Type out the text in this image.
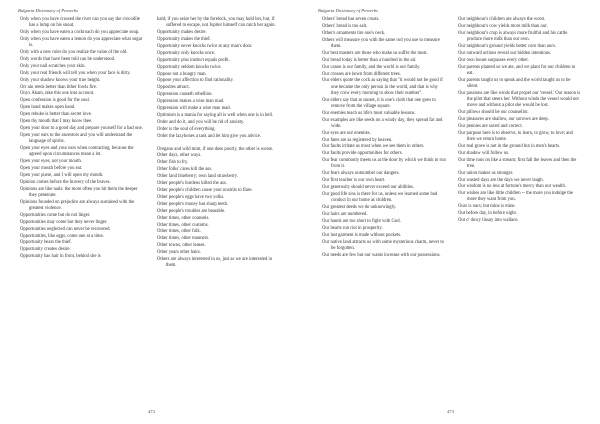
Bulgaria Dictionary of Proverbs
Only when you have crossed the river can you say the crocodile has a lump on his snout.
Only when you have eaten a cockroach do you appreciate soup.
Only when you have eaten a lemon do you appreciate what sugar is.
Only with a new ruler do you realize the value of the old.
Only words that have been told can be understood.
Only your nail scratches your skin.
Only your real friends will tell you when your face is dirty.
Only your shadow knows your true height.
Orr ain reeds better than lither fowls fire.
Onyx Akam, take this one into account.
Open confession is good for the soul.
Open hand makes open hand.
Open rebuke is better than secret love.
Open thy mouth that I may know thee.
Open your door to a good day and prepare yourself for a bad one.
Open your ears to the ancestors and you will understand the language of spirits.
Open your eyes and your ears when contracting, because the agreed upon circumstances mean a lot.
Open your eyes, not your mouth.
Open your mouth before you eat.
Open your purse, and I will open my mouth.
Opinion comes before the bravery of the braves.
Opinions are like nails: the more often you hit them the deeper they penetrate.
Opinions founded on prejudice are always sustained with the greatest violence.
Opportunities come but do not linger.
Opportunities may come but they never linger.
Opportunities neglected can never be recovered.
Opportunities, like eggs, come one at a time.
Opportunity bears the thief.
Opportunity creates desire.
Opportunity has hair in front, behind she is
bald; if you seize her by the forelock, you may hold her, but, if suffered to escape, not Jupiter himself can catch her again.
Opportunity makes desire.
Opportunity makes the thief.
Opportunity never knocks twice at any man's door.
Opportunity only knocks once.
Opportunity plus instinct equals profit.
Opportunity seldom knocks twice.
Oppose not a hungry man.
Oppose your affection to find rationality.
Opposites attract.
Oppression causeth rebellion.
Oppression makes a wise man mad.
Oppression will make a wise man mad.
Optimism is a mania for saying all is well when one is in hell.
Order and do it, and you will be rid of anxiety.
Order is the soul of everything.
Order the lazybones a task and let him give you advice.
Oregano and wild mint, if one does poorly, the other is worse.
Other days, other ways.
Other fish to fry.
Other folks' cares kill the ass.
Other land blueberry; own land strawberry.
Other people's burdens killed the ass.
Other people's children cause your nostrils to flare.
Other people's eggs have two yolks.
Other people's money has sharp teeth.
Other people's troubles are bearable.
Other times, other counsels.
Other times, other customs.
Other times, other folk.
Other times, other manners.
Other towns, other leases.
Other years other hairs.
Others are always interested in us, just as we are interested in them.
473
Bulgaria Dictionary of Proverbs
Others' bread has seven crusts.
Others' bread is too salt.
Other's ornaments tire one's neck.
Others will measure you with the same rod you use to measure them.
Our best masters are those who make us suffer the most.
Our bread today is better than a hundred in the air.
Our canoe is our family, and the world is our family.
Our crosses are hewn from different trees.
Our elders quote the cock as saying that "it would not be good if one became the only person in the world, and that is why they crow every morning to show their number".
Our elders say that at sunset, it is one's cloth that one goes to remove from the village square.
Our enemies teach us life's most valuable lessons.
Our examples are like seeds on a windy day, they spread far and wide.
Our eyes are our enemies.
Our fates are as registered by heaven.
Our faults irritate us most when we see them in others.
Our faults provide opportunities for others.
Our fear commonly meets us at the door by which we think to run from it.
Our fears always outnumber our dangers.
Our first teacher is our own heart.
Our generosity should never exceed our abilities.
Our good life sins is there for us, unless we learned some bad conduct in our home as children.
Our greatest deeds we do unknowingly.
Our hairs are numbered.
Our hands are too short to fight with God.
Our hearts run riot in prosperity.
Our last garment is made without pockets.
Our native land attracts us with some mysterious charm, never to be forgotten.
Our needs are few but our wants increase with our possessions.
Our neighbour's children are always the worst.
Our neighbour's cow yields more milk than our.
Our neighbour's crop is always more fruitful and his cattle produce more milk than our own.
Our neighbour's ground yields better corn than ours.
Our outward actions reveal our hidden intentions.
Our own house surpasses every other.
Our parents planted so we ate, and we plant for our children to eat.
Our parents taught us to speak and the world taught us to be silent.
Our passions are like winds that propel our 'vessel.' Our reason is the pilot that steers her. Without winds the vessel would not move and without a pilot she would be lost.
Our pillows should be our counsellor.
Our pleasures are shallow, our sorrows are deep.
Our pennies are saved and correct.
Our purpose here is to observe, to learn, to grow, to love; and then we return home.
Our real grave is not in the ground but in men's hearts.
Our shadow will follow us.
Our time runs on like a stream; first fall the leaves and then the tree.
Our union makes us stronger.
Our wasted days are the days we never laugh.
Our wisdom is no less at fortune's mercy than our wealth.
Our wishes are like little children -- the more you indulge the more they want from you.
Ours is ours; but mine is mine.
Out before day, in before night.
Out o' dowy linsay into wallace.
473
